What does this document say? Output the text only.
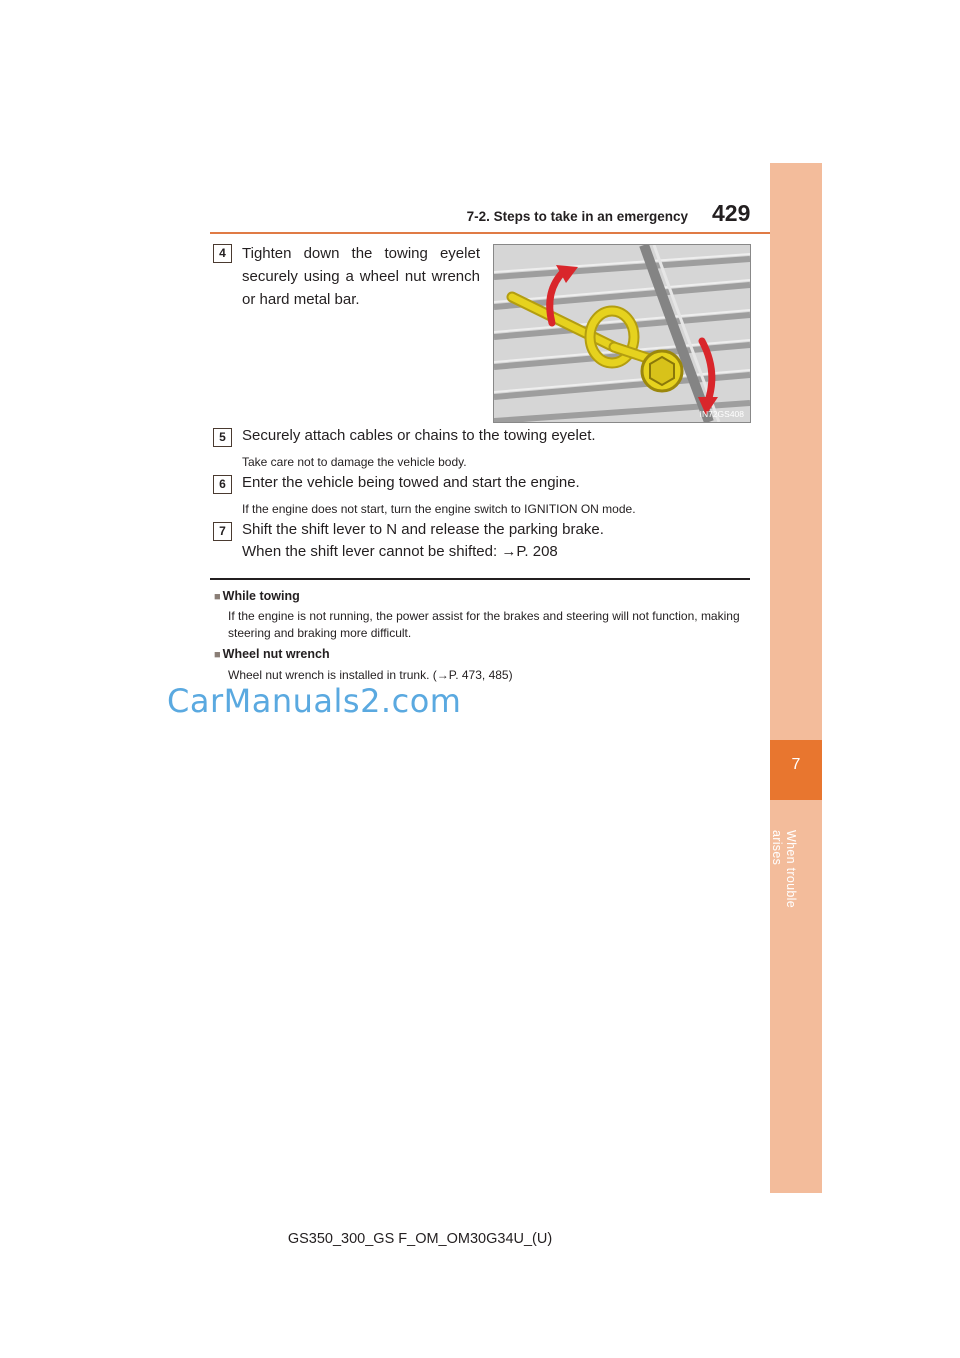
7-2. Steps to take in an emergency 429
7
When trouble arises
4	Tighten down the towing eyelet securely using a wheel nut wrench or hard metal bar.
IN72GS408
5	Securely attach cables or chains to the towing eyelet.
Take care not to damage the vehicle body.
6	Enter the vehicle being towed and start the engine.
If the engine does not start, turn the engine switch to IGNITION ON mode.
7	Shift the shift lever to N and release the parking brake.
When the shift lever cannot be shifted: →P. 208
■ While towing
If the engine is not running, the power assist for the brakes and steering will not function, making steering and braking more difficult.
■ Wheel nut wrench
Wheel nut wrench is installed in trunk. (→P. 473, 485)
CarManuals2.com
GS350_300_GS F_OM_OM30G34U_(U)
